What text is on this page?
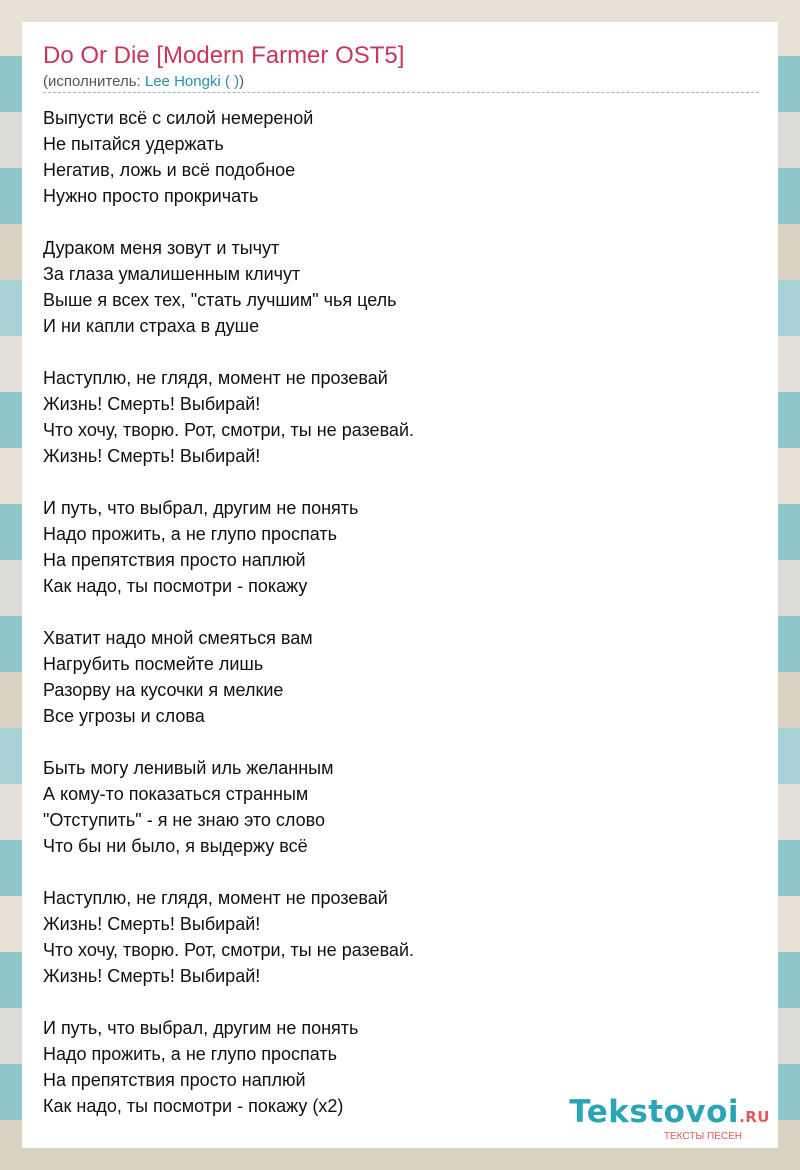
Do Or Die [Modern Farmer OST5]
(исполнитель: Lee Hongki ( ))
Выпусти всё с силой немереной
Не пытайся удержать
Негатив, ложь и всё подобное
Нужно просто прокричать

Дураком меня зовут и тычут
За глаза умалишенным кличут
Выше я всех тех, "стать лучшим" чья цель
И ни капли страха в душе

Наступлю, не глядя, момент не прозевай
Жизнь! Смерть! Выбирай!
Что хочу, творю. Рот, смотри, ты не разевай.
Жизнь! Смерть! Выбирай!

И путь, что выбрал, другим не понять
Надо прожить, а не глупо проспать
На препятствия просто наплюй
Как надо, ты посмотри - покажу

Хватит надо мной смеяться вам
Нагрубить посмейте лишь
Разорву на кусочки я мелкие
Все угрозы и слова

Быть могу ленивый иль желанным
А кому-то показаться странным
"Отступить" - я не знаю это слово
Что бы ни было, я выдержу всё

Наступлю, не глядя, момент не прозевай
Жизнь! Смерть! Выбирай!
Что хочу, творю. Рот, смотри, ты не разевай.
Жизнь! Смерть! Выбирай!

И путь, что выбрал, другим не понять
Надо прожить, а не глупо проспать
На препятствия просто наплюй
Как надо, ты посмотри - покажу (x2)	Tekstovoi.RU
ТЕКСТЫ ПЕСЕН
